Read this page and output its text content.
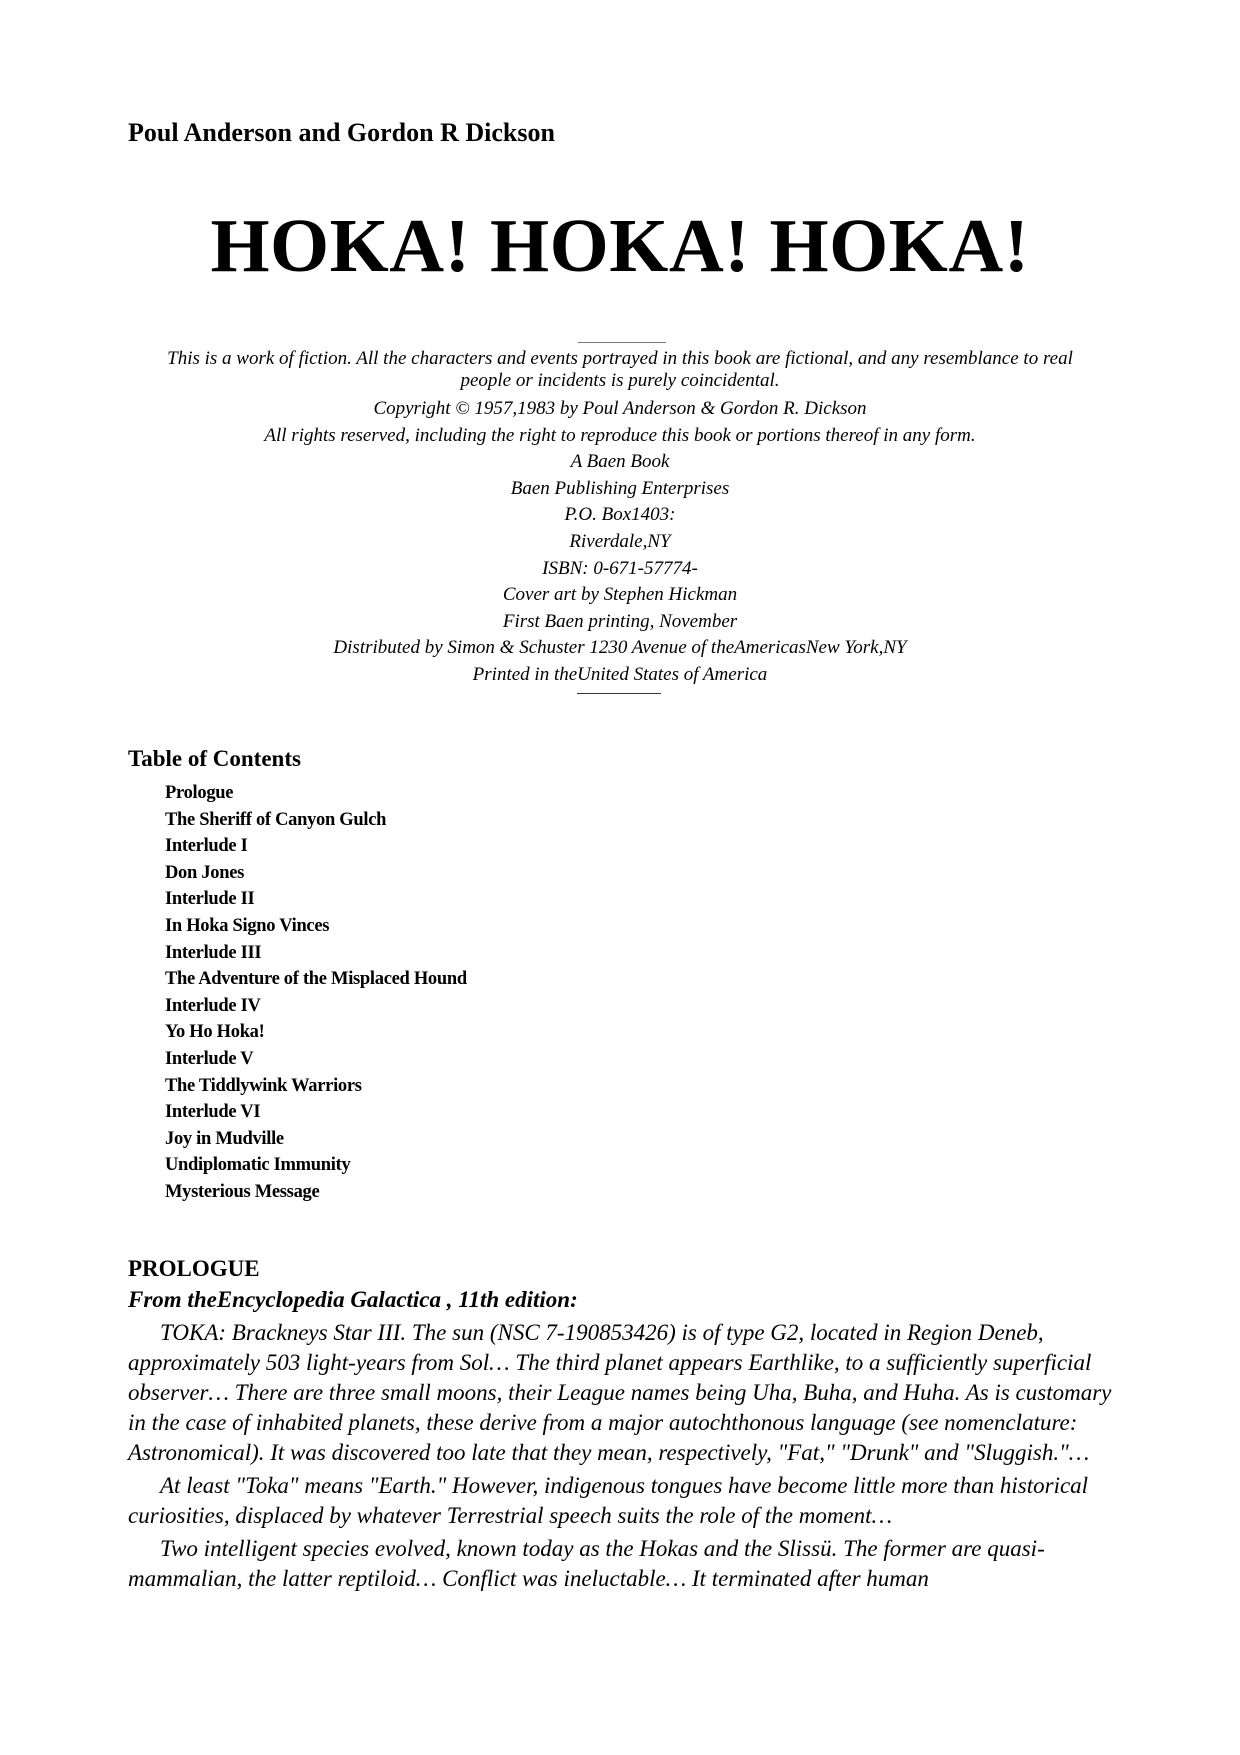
Poul Anderson and Gordon R Dickson
HOKA! HOKA! HOKA!
This is a work of fiction. All the characters and events portrayed in this book are fictional, and any resemblance to real people or incidents is purely coincidental.
Copyright © 1957,1983 by Poul Anderson & Gordon R. Dickson
All rights reserved, including the right to reproduce this book or portions thereof in any form.
A Baen Book
Baen Publishing Enterprises
P.O. Box1403:
Riverdale,NY
ISBN: 0-671-57774-
Cover art by Stephen Hickman
First Baen printing, November
Distributed by Simon & Schuster 1230 Avenue of theAmericasNew York,NY
Printed in theUnited States of America
Table of Contents
Prologue
The Sheriff of Canyon Gulch
Interlude I
Don Jones
Interlude II
In Hoka Signo Vinces
Interlude III
The Adventure of the Misplaced Hound
Interlude IV
Yo Ho Hoka!
Interlude V
The Tiddlywink Warriors
Interlude VI
Joy in Mudville
Undiplomatic Immunity
Mysterious Message
PROLOGUE
From theEncyclopedia Galactica , 11th edition:

TOKA: Brackneys Star III. The sun (NSC 7-190853426) is of type G2, located in Region Deneb, approximately 503 light-years from Sol… The third planet appears Earthlike, to a sufficiently superficial observer… There are three small moons, their League names being Uha, Buha, and Huha. As is customary in the case of inhabited planets, these derive from a major autochthonous language (see nomenclature: Astronomical). It was discovered too late that they mean, respectively, "Fat," "Drunk" and "Sluggish."…

At least "Toka" means "Earth." However, indigenous tongues have become little more than historical curiosities, displaced by whatever Terrestrial speech suits the role of the moment…

Two intelligent species evolved, known today as the Hokas and the Slissü. The former are quasi-mammalian, the latter reptiloid… Conflict was ineluctable… It terminated after human
